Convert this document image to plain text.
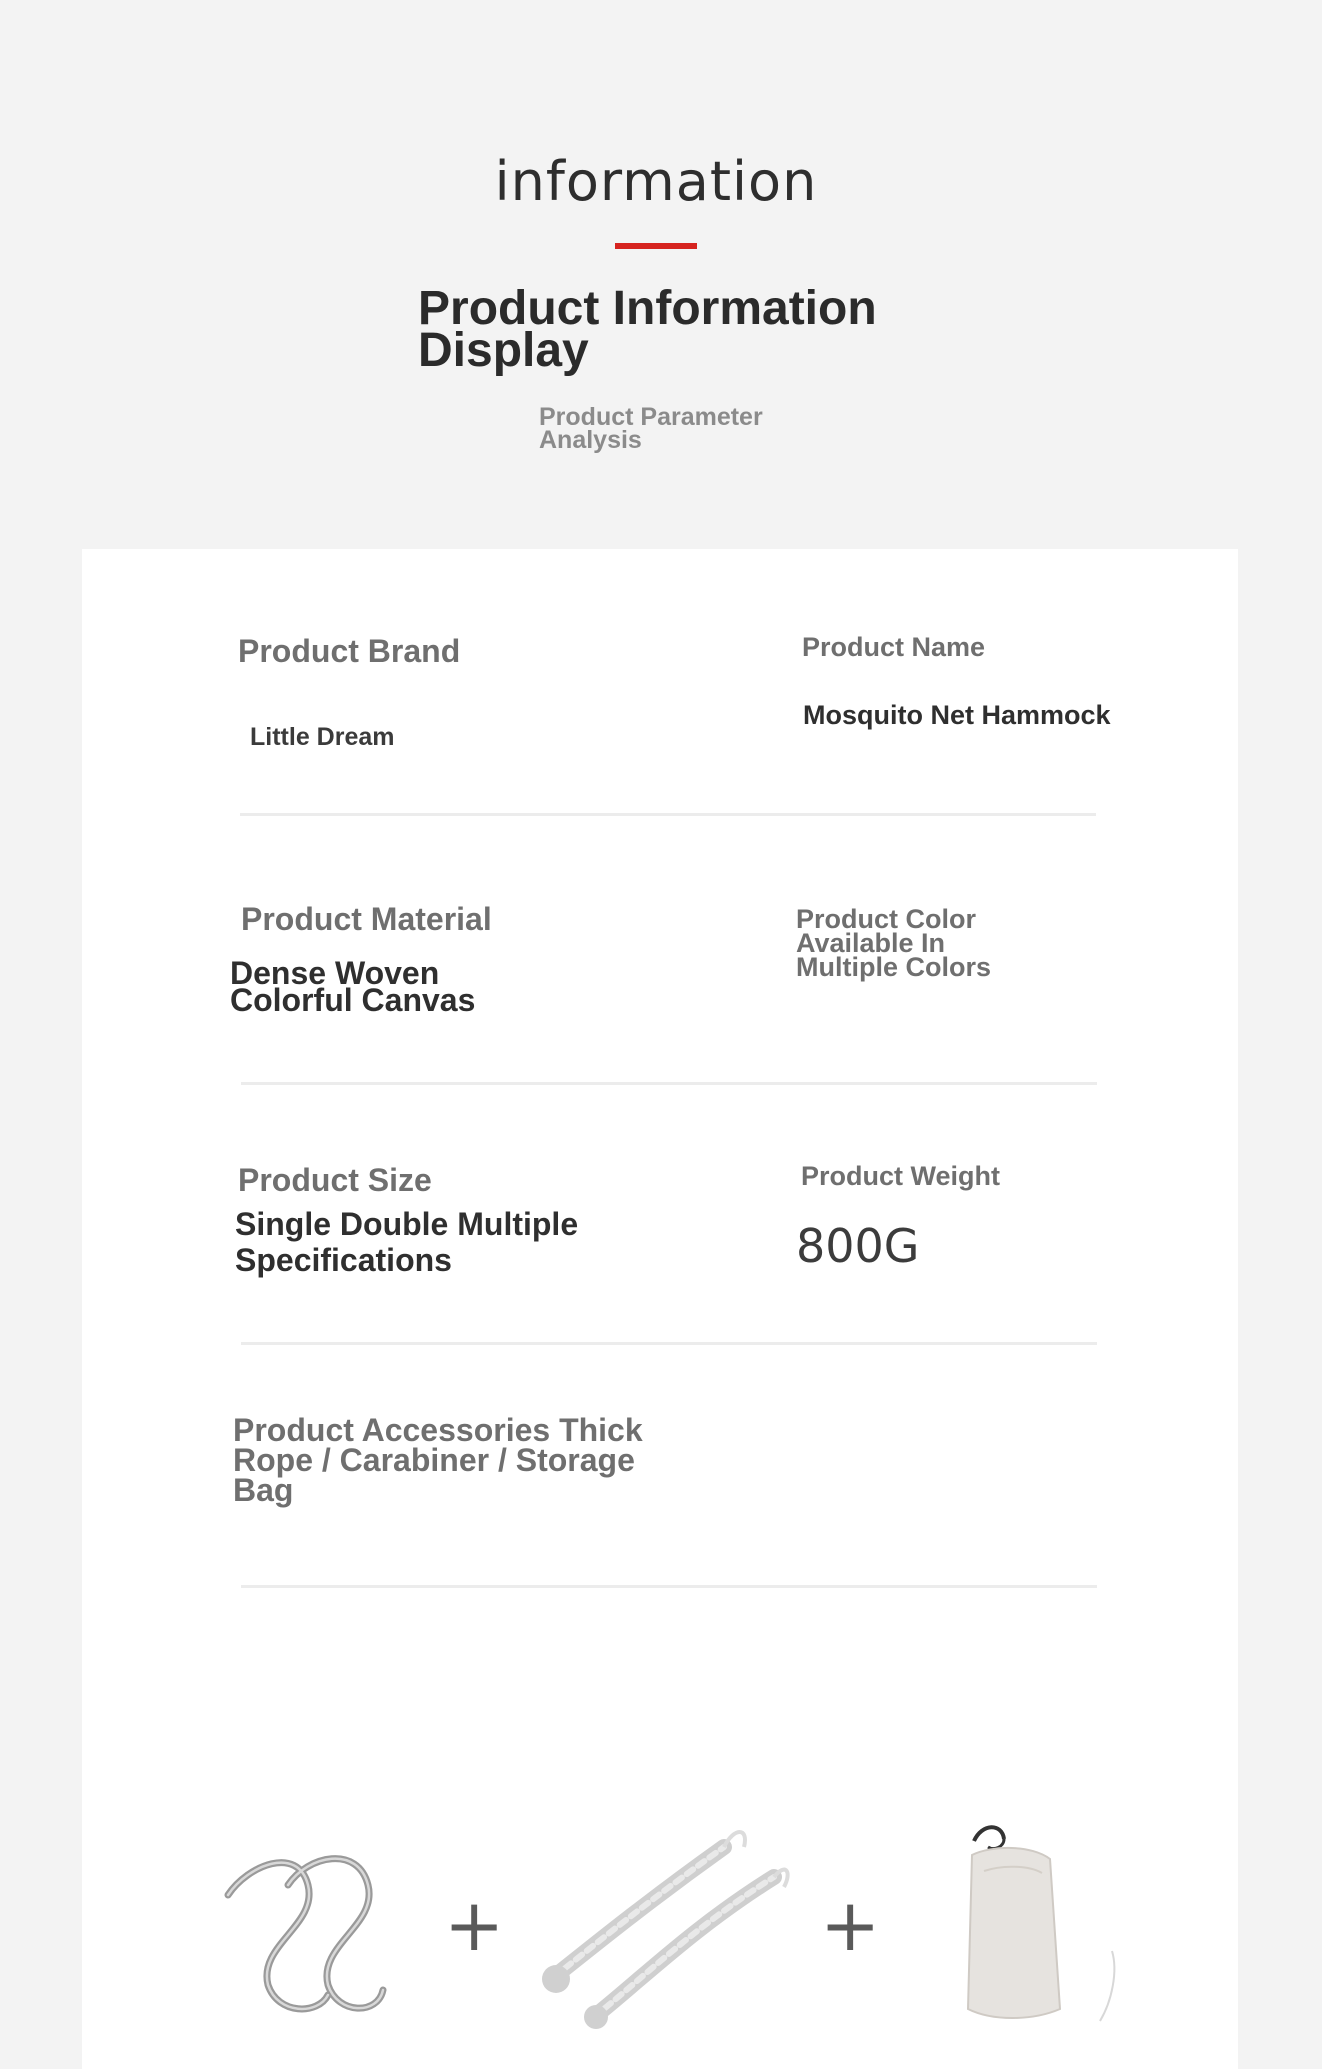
information
Product Information Display
Product Parameter Analysis
Product Brand
Little Dream
Product Name
Mosquito Net Hammock
Product Material
Dense Woven Colorful Canvas
Product Color Available In Multiple Colors
Product Size
Single Double Multiple Specifications
Product Weight
800G
Product Accessories Thick Rope / Carabiner / Storage Bag
+	+
